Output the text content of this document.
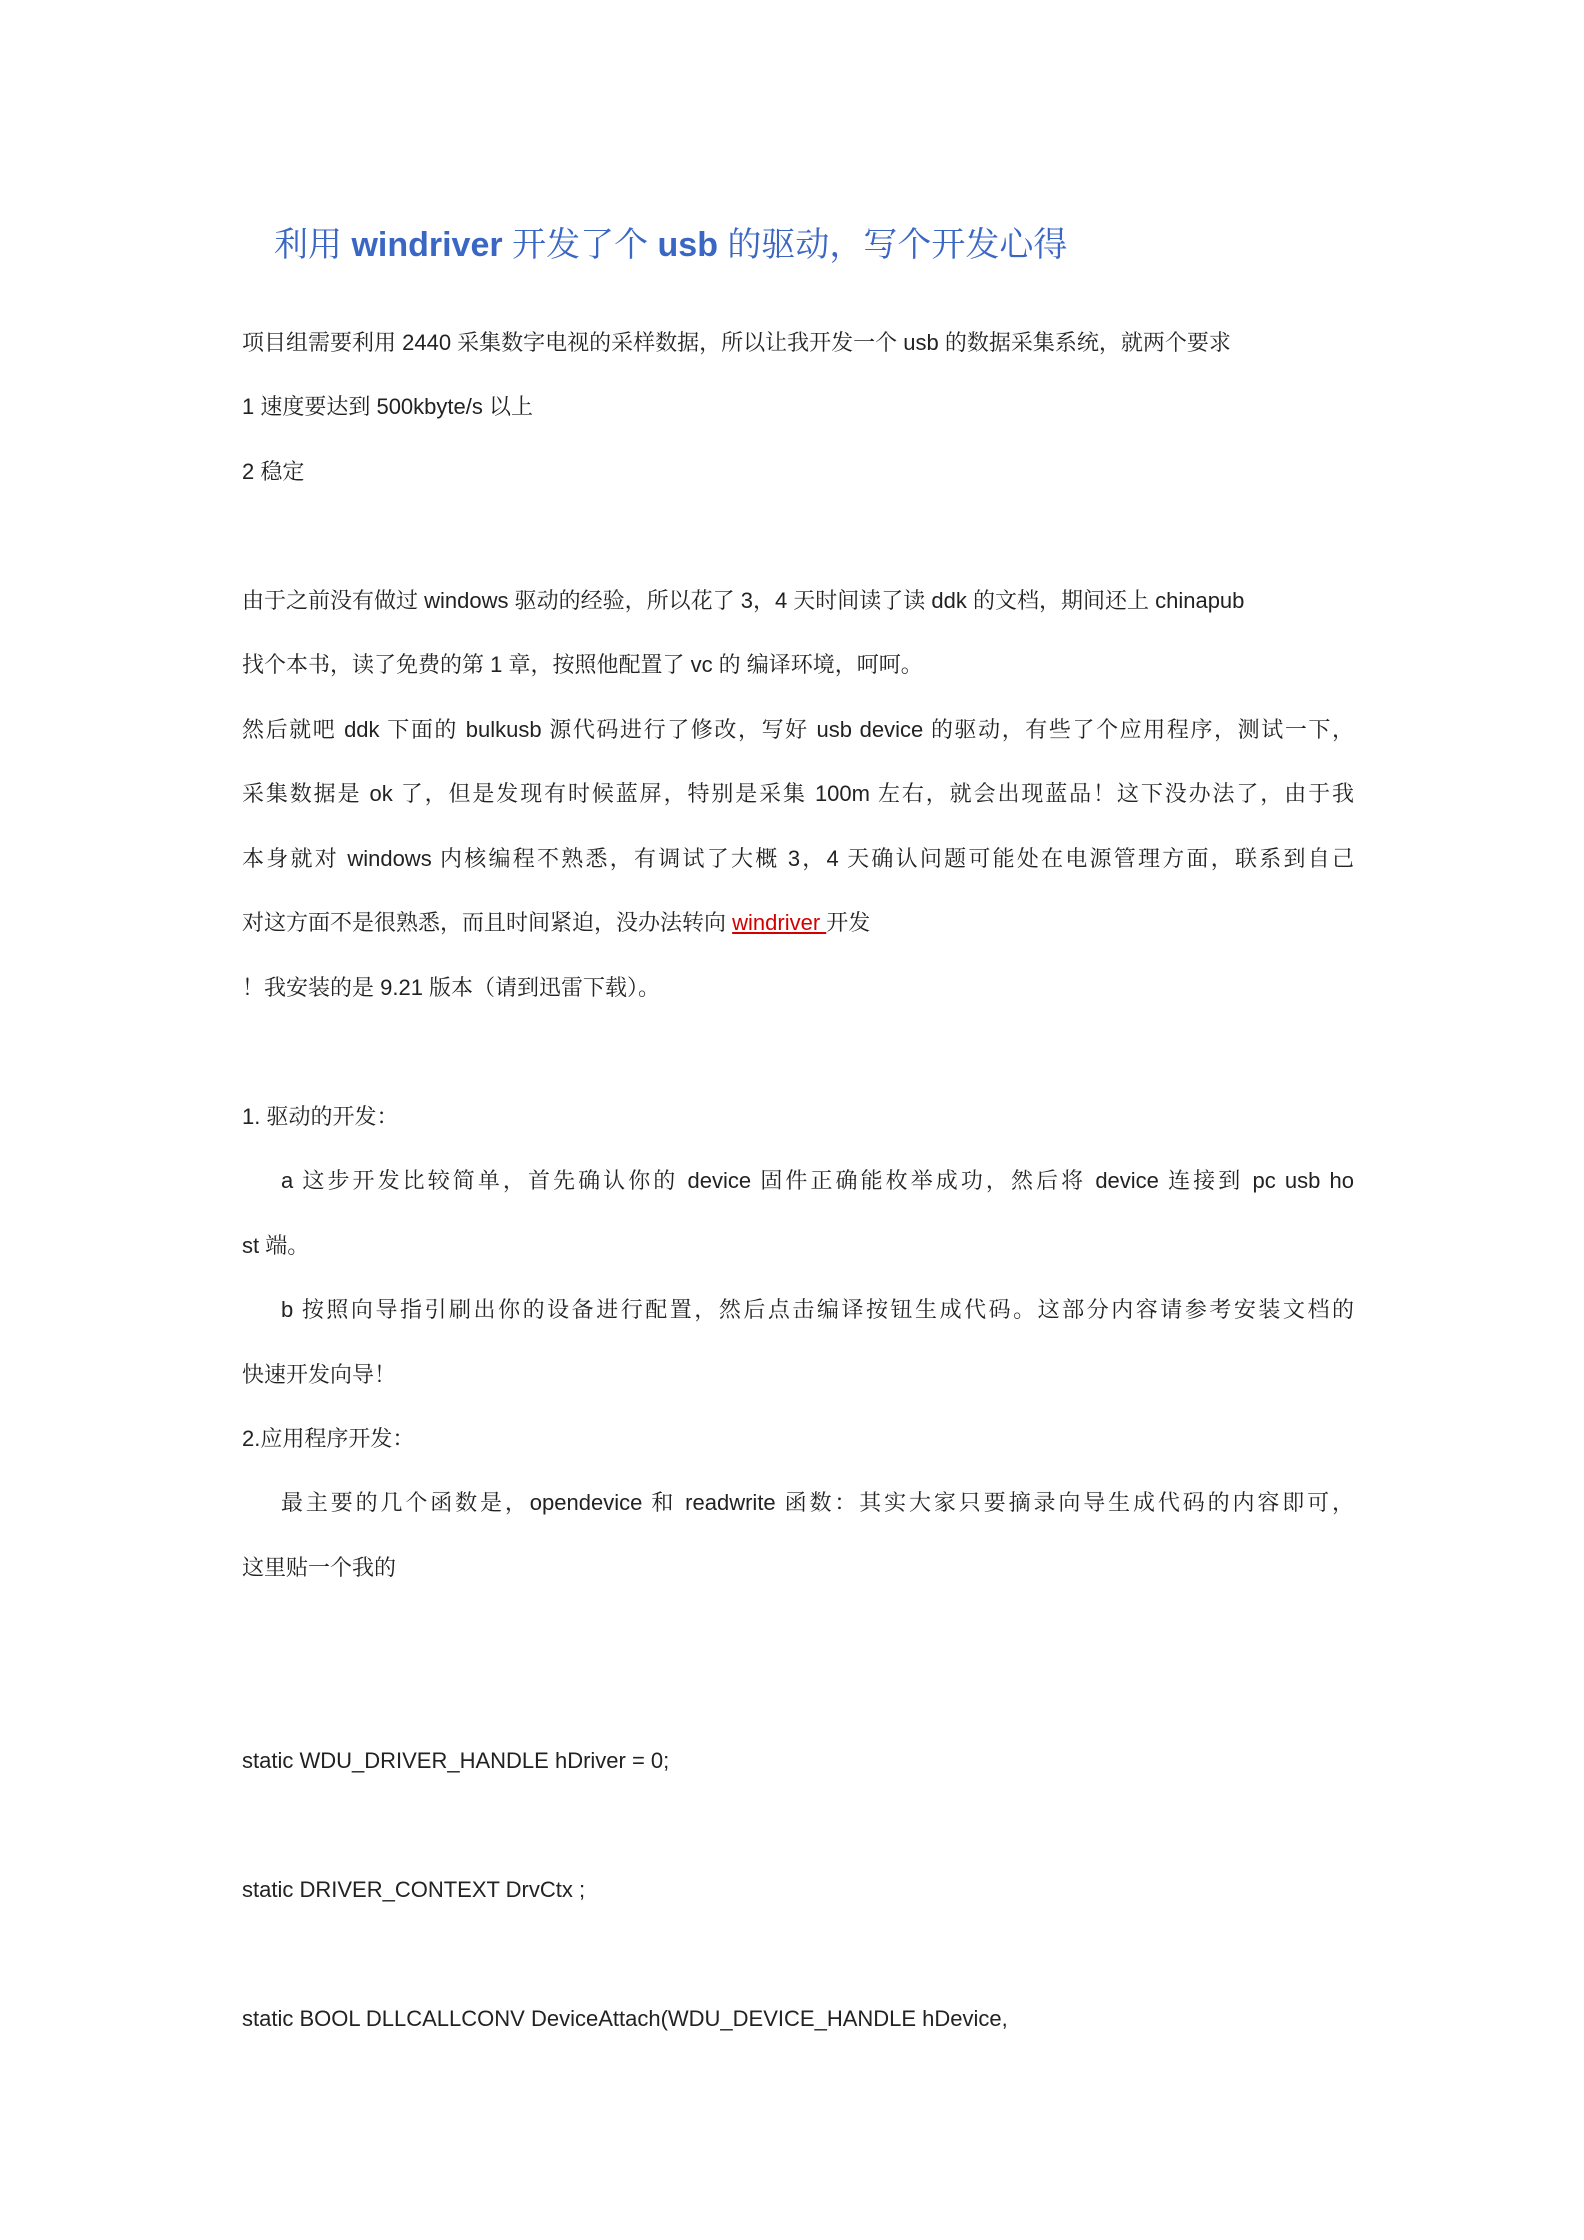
利用 windriver 开发了个 usb 的驱动，写个开发心得
项目组需要利用 2440 采集数字电视的采样数据，所以让我开发一个 usb 的数据采集系统，就两个要求
1 速度要达到 500kbyte/s 以上
2 稳定
由于之前没有做过 windows 驱动的经验，所以花了 3，4 天时间读了读 ddk 的文档，期间还上 chinapub
找个本书，读了免费的第 1 章，按照他配置了 vc 的 编译环境，呵呵。
然后就吧 ddk 下面的 bulkusb 源代码进行了修改，写好 usb device 的驱动，有些了个应用程序，测试一下，
采集数据是 ok 了，但是发现有时候蓝屏，特别是采集 100m 左右，就会出现蓝品！这下没办法了，由于我
本身就对 windows 内核编程不熟悉，有调试了大概 3，4 天确认问题可能处在电源管理方面，联系到自己
对这方面不是很熟悉，而且时间紧迫，没办法转向 windriver 开发
！我安装的是 9.21 版本（请到迅雷下载）。
1. 驱动的开发：
a 这步开发比较简单，首先确认你的 device 固件正确能枚举成功，然后将 device 连接到 pc usb ho
st 端。
b 按照向导指引刷出你的设备进行配置，然后点击编译按钮生成代码。这部分内容请参考安装文档的
快速开发向导！
2.应用程序开发：
最主要的几个函数是，opendevice 和 readwrite 函数：其实大家只要摘录向导生成代码的内容即可，
这里贴一个我的
static WDU_DRIVER_HANDLE hDriver = 0;
static DRIVER_CONTEXT DrvCtx ;
static BOOL DLLCALLCONV DeviceAttach(WDU_DEVICE_HANDLE hDevice,
